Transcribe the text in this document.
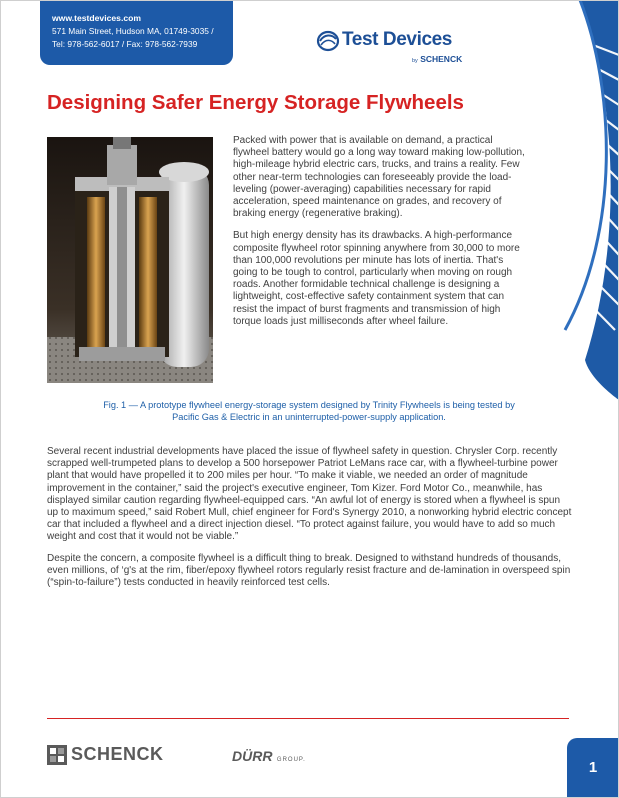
www.testdevices.com
571 Main Street, Hudson MA, 01749-3035 /
Tel: 978-562-6017 / Fax: 978-562-7939	Test Devices
by SCHENCK
Designing Safer Energy Storage Flywheels

Packed with power that is available on demand, a practical flywheel battery would go a long way toward making low-pollution, high-mileage hybrid electric cars, trucks, and trains a reality. Few other near-term technologies can foreseeably provide the load-leveling (power-averaging) capabilities necessary for rapid acceleration, speed maintenance on grades, and recovery of braking energy (regenerative braking).

But high energy density has its drawbacks. A high-performance composite flywheel rotor spinning anywhere from 30,000 to more than 100,000 revolutions per minute has lots of inertia. That's going to be tough to control, particularly when moving on rough roads. Another formidable technical challenge is designing a lightweight, cost-effective safety containment system that can resist the impact of burst fragments and transmission of high torque loads just milliseconds after wheel failure.

Fig. 1 — A prototype flywheel energy-storage system designed by Trinity Flywheels is being tested by
Pacific Gas & Electric in an uninterrupted-power-supply application.

Several recent industrial developments have placed the issue of flywheel safety in question. Chrysler Corp. recently scrapped well-trumpeted plans to develop a 500 horsepower Patriot LeMans race car, with a flywheel-turbine power plant that would have propelled it to 200 miles per hour. “To make it viable, we needed an order of magnitude improvement in the container,” said the project's executive engineer, Tom Kizer. Ford Motor Co., meanwhile, has displayed similar caution regarding flywheel-equipped cars. “An awful lot of energy is stored when a flywheel is spun up to maximum speed,” said Robert Mull, chief engineer for Ford's Synergy 2010, a nonworking hybrid electric concept car that included a flywheel and a direct injection diesel. “To protect against failure, you would have to add so much weight and cost that it would not be viable.”

Despite the concern, a composite flywheel is a difficult thing to break. Designed to withstand hundreds of thousands, even millions, of ‘g's at the rim, fiber/epoxy flywheel rotors regularly resist fracture and de-lamination in overspeed spin (“spin-to-failure”) tests conducted in heavily reinforced test cells.

SCHENCK	DÜRR GROUP.	1
